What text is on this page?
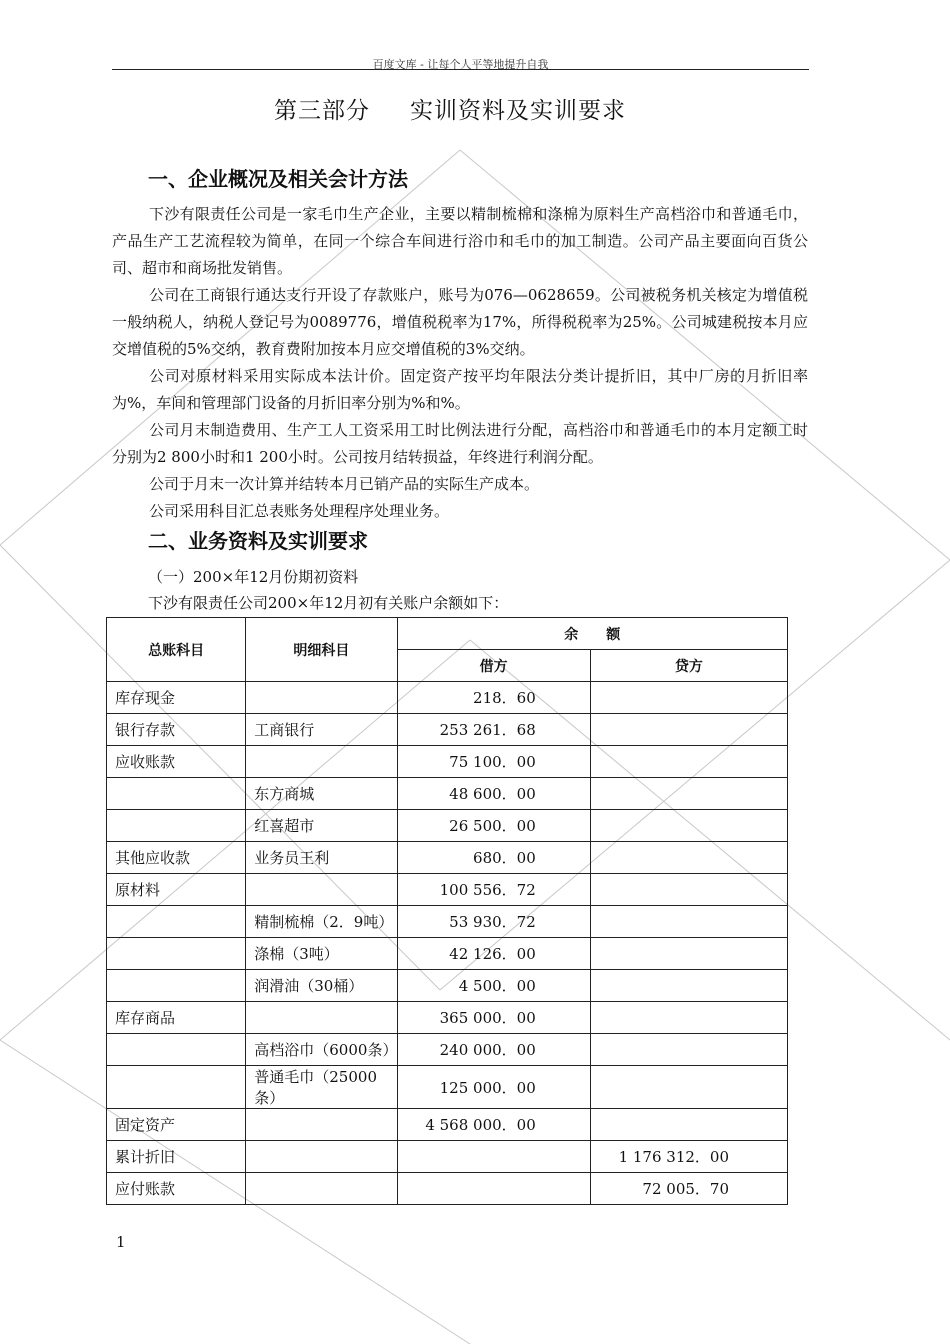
百度文库 - 让每个人平等地提升自我
第三部分 实训资料及实训要求
一、企业概况及相关会计方法

下沙有限责任公司是一家毛巾生产企业，主要以精制梳棉和涤棉为原料生产高档浴巾和普通毛巾，产品生产工艺流程较为简单，在同一个综合车间进行浴巾和毛巾的加工制造。公司产品主要面向百货公司、超市和商场批发销售。

公司在工商银行通达支行开设了存款账户，账号为076—0628659。公司被税务机关核定为增值税一般纳税人，纳税人登记号为0089776，增值税税率为17%，所得税税率为25%。公司城建税按本月应交增值税的5%交纳，教育费附加按本月应交增值税的3%交纳。

公司对原材料采用实际成本法计价。固定资产按平均年限法分类计提折旧，其中厂房的月折旧率为%，车间和管理部门设备的月折旧率分别为%和%。

公司月末制造费用、生产工人工资采用工时比例法进行分配，高档浴巾和普通毛巾的本月定额工时分别为2 800小时和1 200小时。公司按月结转损益，年终进行利润分配。

公司于月末一次计算并结转本月已销产品的实际生产成本。

公司采用科目汇总表账务处理程序处理业务。

二、业务资料及实训要求
（一）200×年12月份期初资料
下沙有限责任公司200×年12月初有关账户余额如下：
总账科目	明细科目	余　　额	
		借方	贷方
库存现金		218．60	
银行存款	工商银行	253 261．68	
应收账款		75 100．00	
	东方商城	48 600．00	
	红喜超市	26 500．00	
其他应收款	业务员王利	680．00	
原材料		100 556．72	
	精制梳棉（2．9吨）	53 930．72	
	涤棉（3吨）	42 126．00	
	润滑油（30桶）	4 500．00	
库存商品		365 000．00	
	高档浴巾（6000条）	240 000．00	
	普通毛巾（25000条）	125 000．00	
固定资产		4 568 000．00	
累计折旧			1 176 312．00
应付账款			72 005．70
1
